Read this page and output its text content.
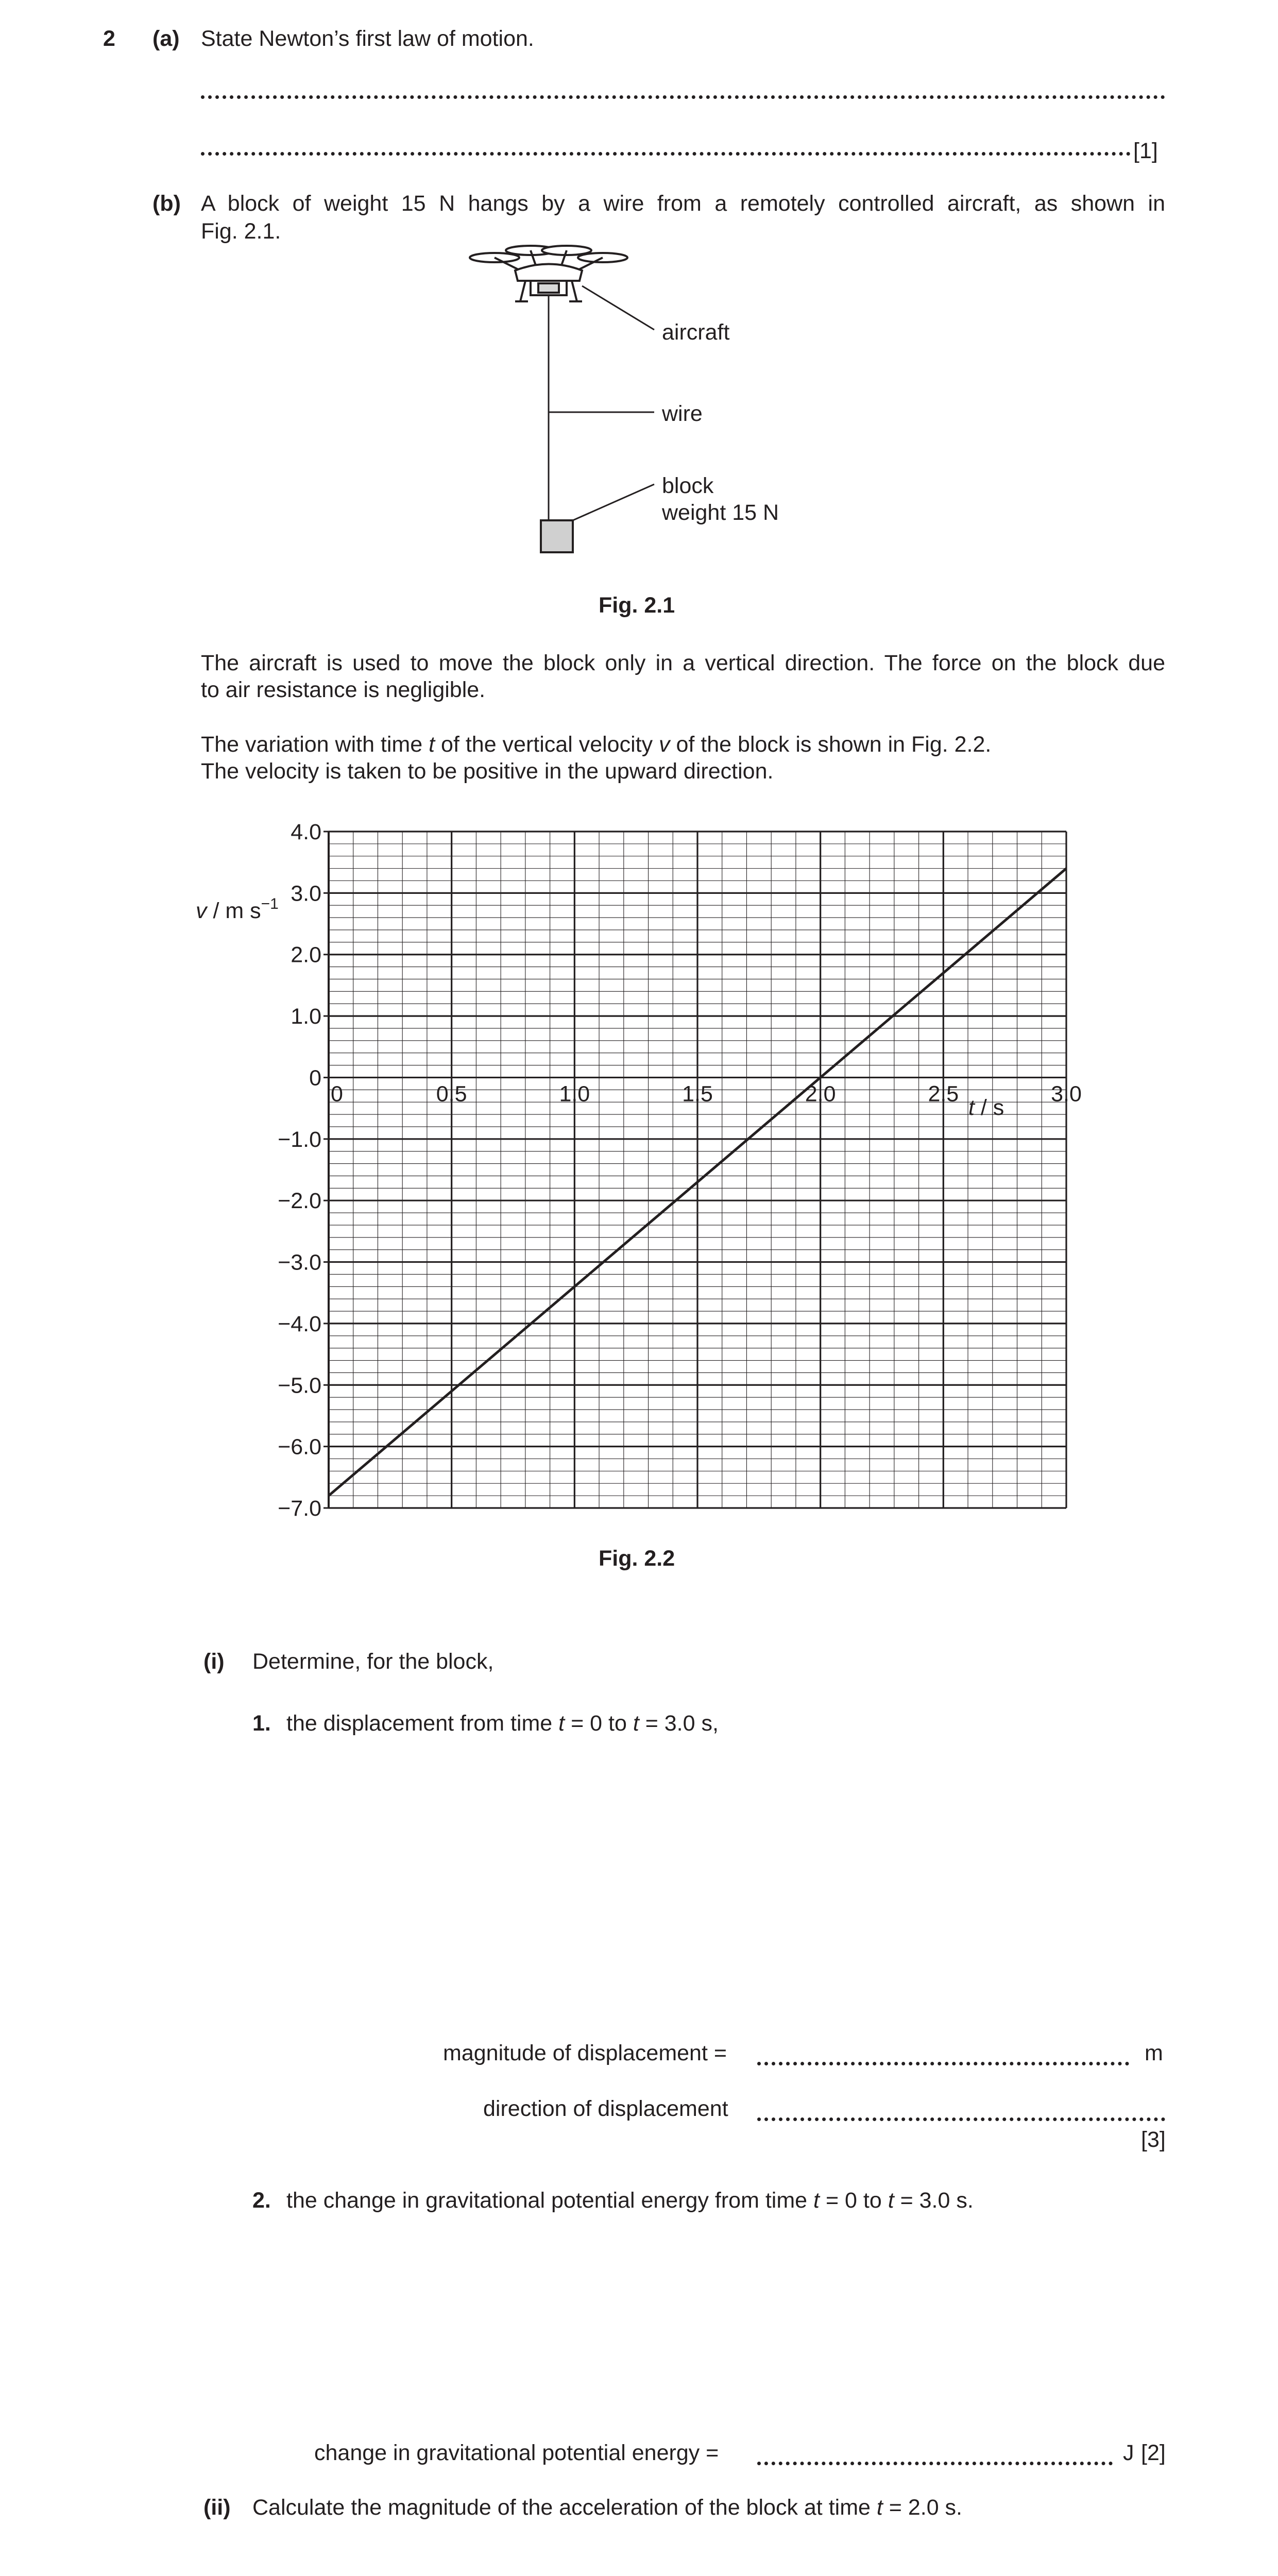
2 (a) State Newton’s first law of motion.
[1]
(b) A block of weight 15 N hangs by a wire from a remotely controlled aircraft, as shown in
Fig. 2.1.
aircraft
wire
block
weight 15 N
Fig. 2.1
The aircraft is used to move the block only in a vertical direction. The force on the block due
to air resistance is negligible.
The variation with time t of the vertical velocity v of the block is shown in Fig. 2.2.
The velocity is taken to be positive in the upward direction.
4.0
3.0
2.0
1.0
0
−1.0
−2.0
−3.0
−4.0
−5.0
−6.0
−7.0
0	0.5	1.0	1.5	2.0	2.5	3.0
v / m $s^{-1}$
t / s
Fig. 2.2
(i) Determine, for the block,
1. the displacement from time t = 0 to t = 3.0 s,
magnitude of displacement =	m
direction of displacement
[3]
2. the change in gravitational potential energy from time t = 0 to t = 3.0 s.
change in gravitational potential energy =	J [2]
(ii) Calculate the magnitude of the acceleration of the block at time t = 2.0 s.
